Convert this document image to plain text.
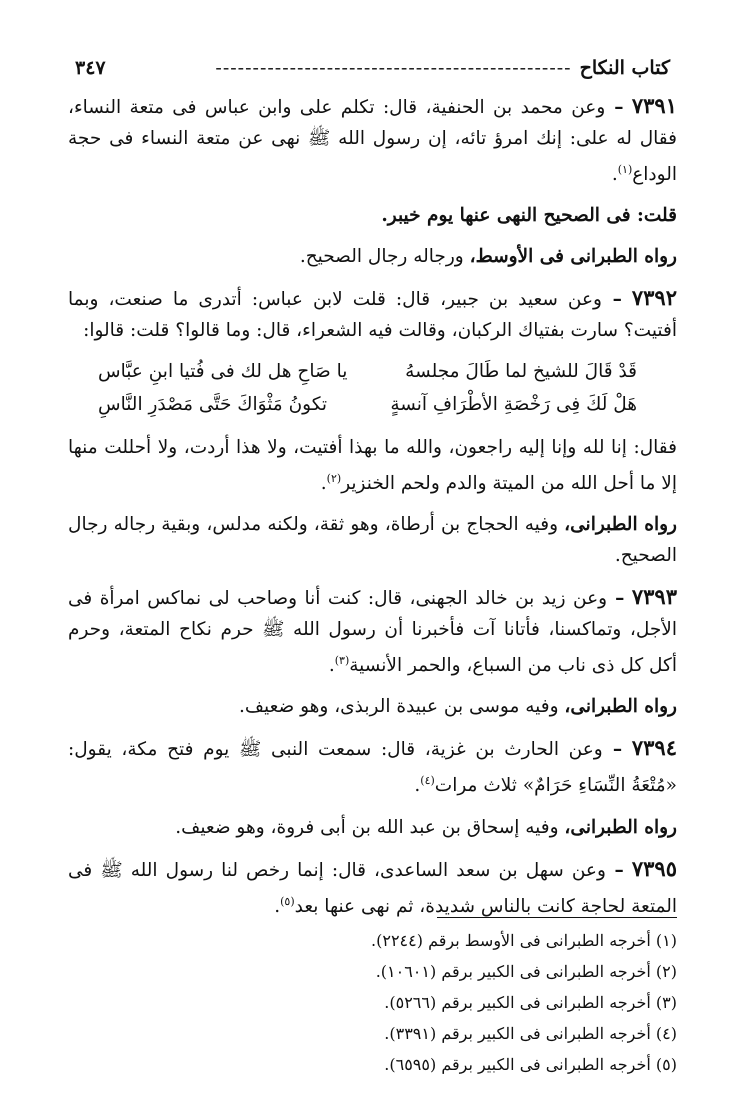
كتاب النكاح
------------------------------------------------
٣٤٧

٧٣٩١ – وعن محمد بن الحنفية، قال: تكلم على وابن عباس فى متعة النساء، فقال له على: إنك امرؤ تائه، إن رسول الله ﷺ نهى عن متعة النساء فى حجة الوداع$^{(١)}$.

قلت: فى الصحيح النهى عنها يوم خيبر.

رواه الطبرانى فى الأوسط، ورجاله رجال الصحيح.

٧٣٩٢ – وعن سعيد بن جبير، قال: قلت لابن عباس: أتدرى ما صنعت، وبما أفتيت؟ سارت بفتياك الركبان، وقالت فيه الشعراء، قال: وما قالوا؟ قلت: قالوا:

قَدْ قَالَ للشيخ لما طَالَ مجلسهُ
يا صَاحِ هل لك فى فُتيا ابنِ عبَّاس
هَلْ لَكَ فِى رَخْصَةِ الأطْرَافِ آنسةٍ
تكونُ مَثْوَاكَ حَتَّى مَصْدَرِ النَّاسِ

فقال: إنا لله وإنا إليه راجعون، والله ما بهذا أفتيت، ولا هذا أردت، ولا أحللت منها إلا ما أحل الله من الميتة والدم ولحم الخنزير$^{(٢)}$.

رواه الطبرانى، وفيه الحجاج بن أرطاة، وهو ثقة، ولكنه مدلس، وبقية رجاله رجال الصحيح.

٧٣٩٣ – وعن زيد بن خالد الجهنى، قال: كنت أنا وصاحب لى نماكس امرأة فى الأجل، وتماكسنا، فأتانا آت فأخبرنا أن رسول الله ﷺ حرم نكاح المتعة، وحرم أكل كل ذى ناب من السباع، والحمر الأنسية$^{(٣)}$.

رواه الطبرانى، وفيه موسى بن عبيدة الربذى، وهو ضعيف.

٧٣٩٤ – وعن الحارث بن غزية، قال: سمعت النبى ﷺ يوم فتح مكة، يقول: «مُتْعَةُ النِّسَاءِ حَرَامٌ» ثلاث مرات$^{(٤)}$.

رواه الطبرانى، وفيه إسحاق بن عبد الله بن أبى فروة، وهو ضعيف.

٧٣٩٥ – وعن سهل بن سعد الساعدى، قال: إنما رخص لنا رسول الله ﷺ فى المتعة لحاجة كانت بالناس شديدة، ثم نهى عنها بعد$^{(٥)}$.

(١) أخرجه الطبرانى فى الأوسط برقم (٢٢٤٤).
(٢) أخرجه الطبرانى فى الكبير برقم (١٠٦٠١).
(٣) أخرجه الطبرانى فى الكبير برقم (٥٢٦٦).
(٤) أخرجه الطبرانى فى الكبير برقم (٣٣٩١).
(٥) أخرجه الطبرانى فى الكبير برقم (٦٥٩٥).
